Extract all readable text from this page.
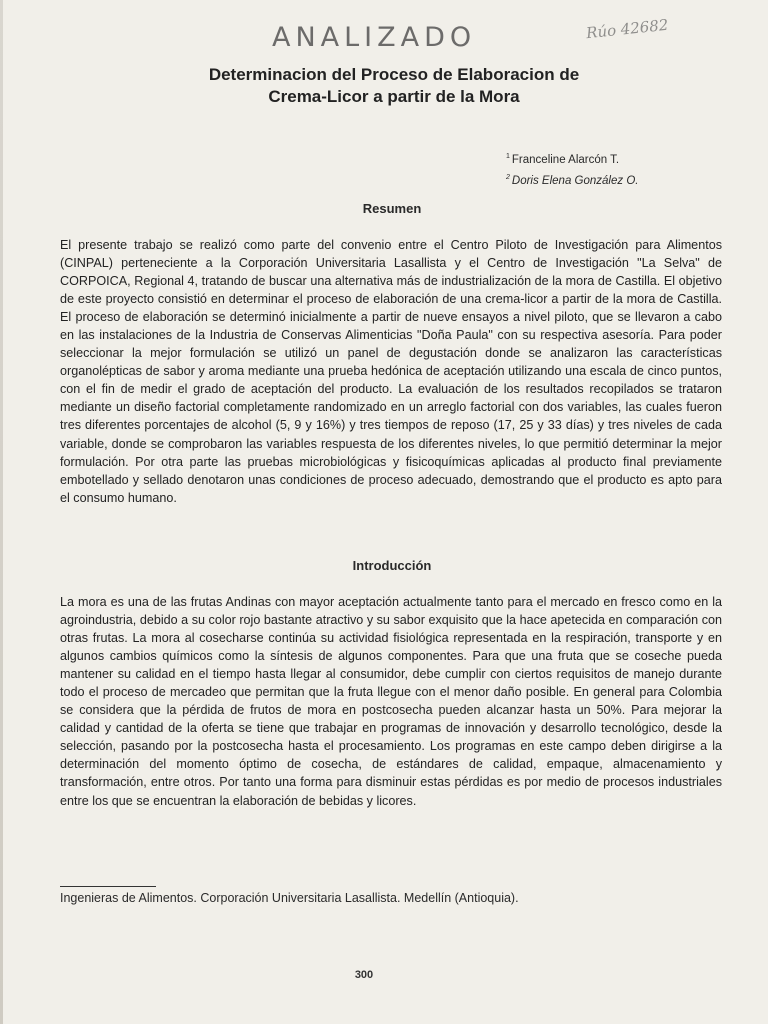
ANALIZADO	Rúo 42682
Determinacion del Proceso de Elaboracion de
Crema-Licor a partir de la Mora
$^1$ Franceline Alarcón T.
$^2$ Doris Elena González O.
Resumen
El presente trabajo se realizó como parte del convenio entre el Centro Piloto de Investigación para Alimentos (CINPAL) perteneciente a la Corporación Universitaria Lasallista y el Centro de Investigación "La Selva" de CORPOICA, Regional 4, tratando de buscar una alternativa más de industrialización de la mora de Castilla. El objetivo de este proyecto consistió en determinar el proceso de elaboración de una crema-licor a partir de la mora de Castilla. El proceso de elaboración se determinó inicialmente a partir de nueve ensayos a nivel piloto, que se llevaron a cabo en las instalaciones de la Industria de Conservas Alimenticias "Doña Paula" con su respectiva asesoría. Para poder seleccionar la mejor formulación se utilizó un panel de degustación donde se analizaron las características organolépticas de sabor y aroma mediante una prueba hedónica de aceptación utilizando una escala de cinco puntos, con el fin de medir el grado de aceptación del producto. La evaluación de los resultados recopilados se trataron mediante un diseño factorial completamente randomizado en un arreglo factorial con dos variables, las cuales fueron tres diferentes porcentajes de alcohol (5, 9 y 16%) y tres tiempos de reposo (17, 25 y 33 días) y tres niveles de cada variable, donde se comprobaron las variables respuesta de los diferentes niveles, lo que permitió determinar la mejor formulación. Por otra parte las pruebas microbiológicas y fisicoquímicas aplicadas al producto final previamente embotellado y sellado denotaron unas condiciones de proceso adecuado, demostrando que el producto es apto para el consumo humano.
Introducción
La mora es una de las frutas Andinas con mayor aceptación actualmente tanto para el mercado en fresco como en la agroindustria, debido a su color rojo bastante atractivo y su sabor exquisito que la hace apetecida en comparación con otras frutas. La mora al cosecharse continúa su actividad fisiológica representada en la respiración, transporte y en algunos cambios químicos como la síntesis de algunos componentes. Para que una fruta que se coseche pueda mantener su calidad en el tiempo hasta llegar al consumidor, debe cumplir con ciertos requisitos de manejo durante todo el proceso de mercadeo que permitan que la fruta llegue con el menor daño posible. En general para Colombia se considera que la pérdida de frutos de mora en postcosecha pueden alcanzar hasta un 50%. Para mejorar la calidad y cantidad de la oferta se tiene que trabajar en programas de innovación y desarrollo tecnológico, desde la selección, pasando por la postcosecha hasta el procesamiento. Los programas en este campo deben dirigirse a la determinación del momento óptimo de cosecha, de estándares de calidad, empaque, almacenamiento y transformación, entre otros. Por tanto una forma para disminuir estas pérdidas es por medio de procesos industriales entre los que se encuentran la elaboración de bebidas y licores.
Ingenieras de Alimentos. Corporación Universitaria Lasallista. Medellín (Antioquia).
300
